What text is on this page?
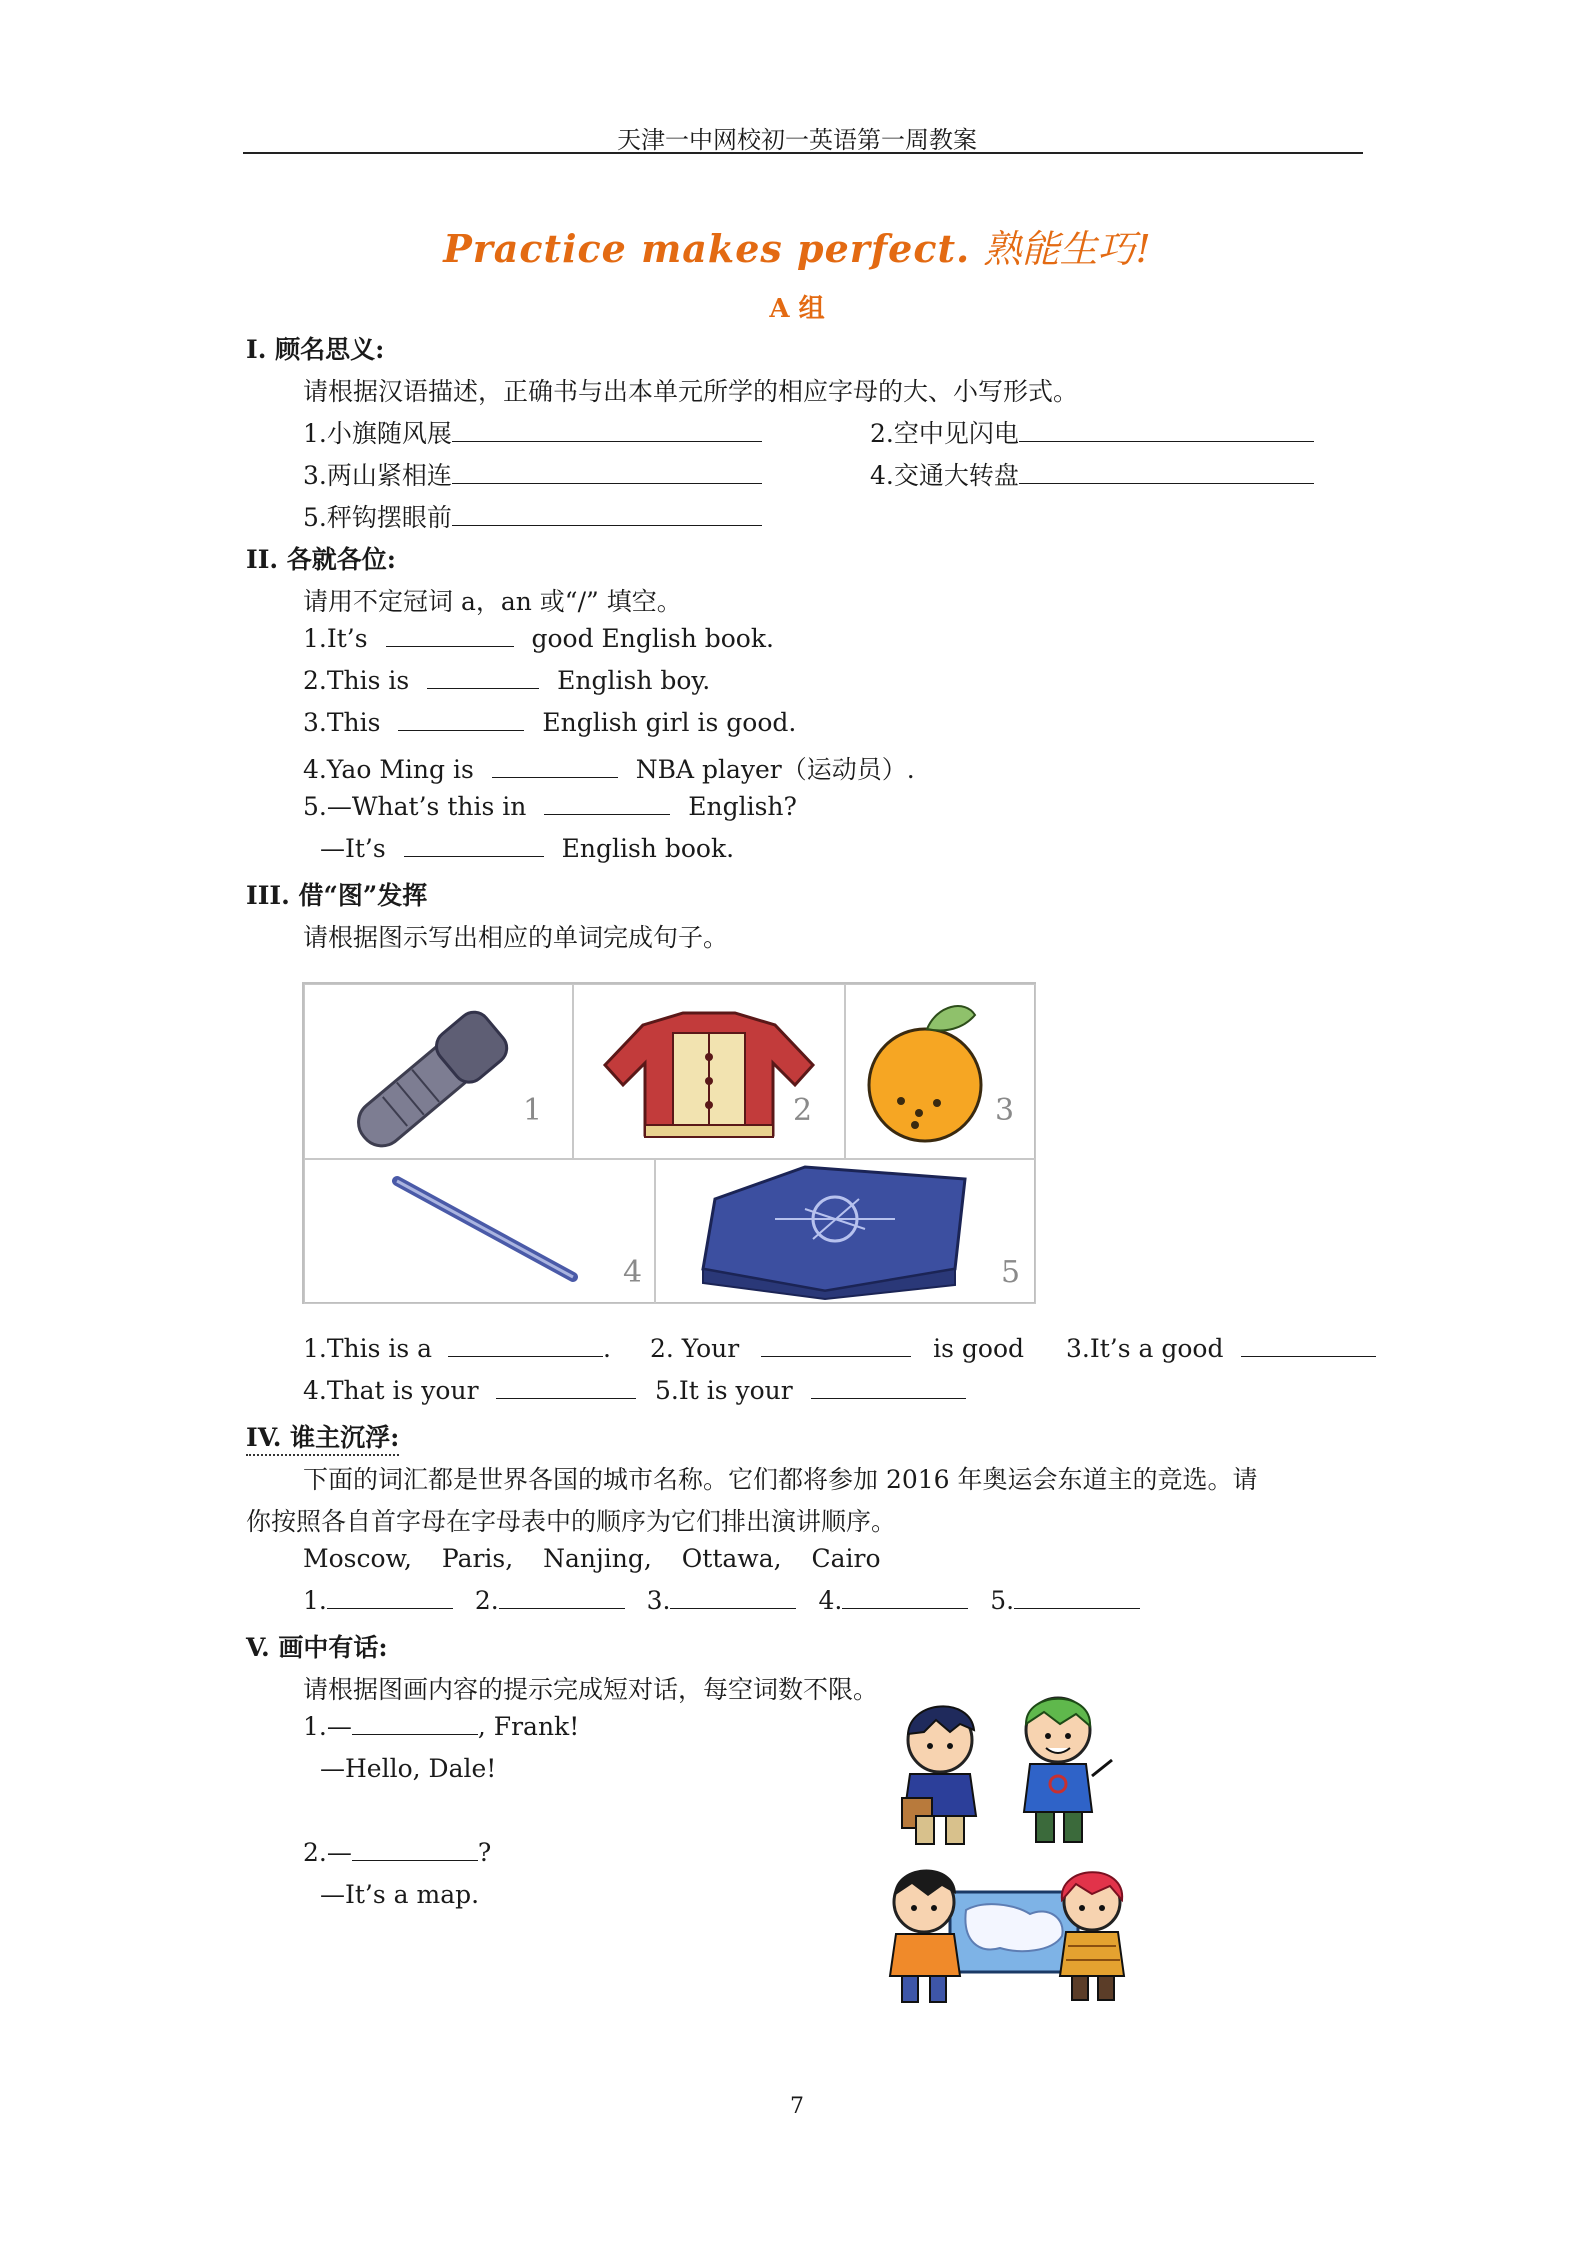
天津一中网校初一英语第一周教案
Practice makes perfect. 熟能生巧!
A 组
I. 顾名思义:
请根据汉语描述，正确书与出本单元所学的相应字母的大、小写形式。
1.小旗随风展	2.空中见闪电
3.两山紧相连	4.交通大转盘
5.秤钩摆眼前
II. 各就各位:
请用不定冠词 a，an 或“/” 填空。
1.It’s	good English book.
2.This is	English boy.
3.This	English girl is good.
4.Yao Ming is	NBA player（运动员）.
5.—What’s this in	English?
—It’s	English book.
III. 借“图”发挥
请根据图示写出相应的单词完成句子。
1	2	3
4	5
1.This is a	. 2. Your	is good 3.It’s a good
4.That is your	5.It is your
IV. 谁主沉浮:
下面的词汇都是世界各国的城市名称。它们都将参加 2016 年奥运会东道主的竞选。请
你按照各自首字母在字母表中的顺序为它们排出演讲顺序。
Moscow, Paris, Nanjing, Ottawa, Cairo
1.	2.	3.	4.	5.
V. 画中有话:
请根据图画内容的提示完成短对话，每空词数不限。
1.—	, Frank!
—Hello, Dale!
2.—	?
—It’s a map.
7
